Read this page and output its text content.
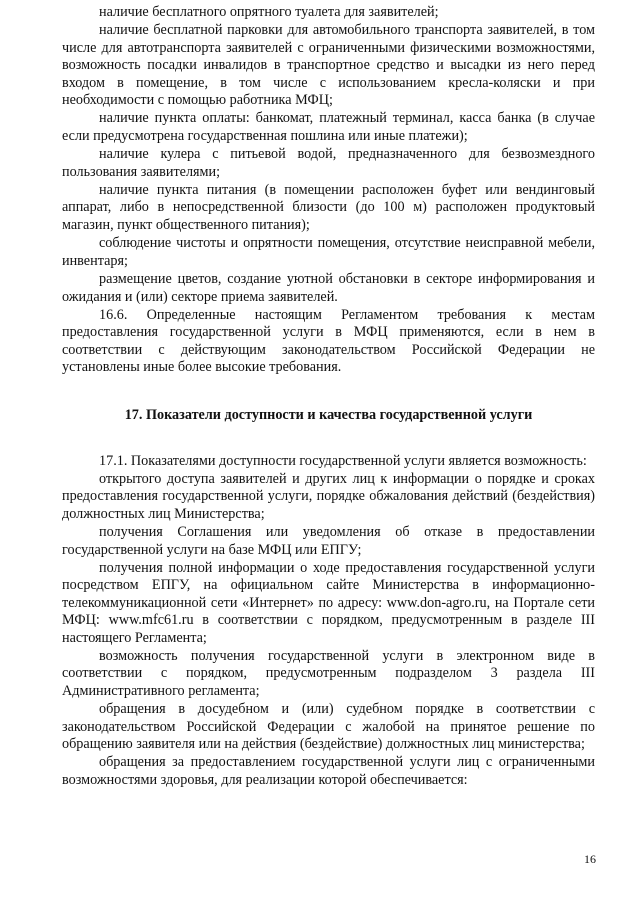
наличие бесплатного опрятного туалета для заявителей;

наличие бесплатной парковки для автомобильного транспорта заявителей, в том числе для автотранспорта заявителей с ограниченными физическими возможностями, возможность посадки инвалидов в транспортное средство и высадки из него перед входом в помещение, в том числе с использованием кресла-коляски и при необходимости с помощью работника МФЦ;

наличие пункта оплаты: банкомат, платежный терминал, касса банка (в случае если предусмотрена государственная пошлина или иные платежи);

наличие кулера с питьевой водой, предназначенного для безвозмездного пользования заявителями;

наличие пункта питания (в помещении расположен буфет или вендинговый аппарат, либо в непосредственной близости (до 100 м) расположен продуктовый магазин, пункт общественного питания);

соблюдение чистоты и опрятности помещения, отсутствие неисправной мебели, инвентаря;

размещение цветов, создание уютной обстановки в секторе информирования и ожидания и (или) секторе приема заявителей.

16.6. Определенные настоящим Регламентом требования к местам предоставления государственной услуги в МФЦ применяются, если в нем в соответствии с действующим законодательством Российской Федерации не установлены иные более высокие требования.

17. Показатели доступности и качества государственной услуги

17.1. Показателями доступности государственной услуги является возможность:

открытого доступа заявителей и других лиц к информации о порядке и сроках предоставления государственной услуги, порядке обжалования действий (бездействия) должностных лиц Министерства;

получения Соглашения или уведомления об отказе в предоставлении государственной услуги на базе МФЦ или ЕПГУ;

получения полной информации о ходе предоставления государственной услуги посредством ЕПГУ, на официальном сайте Министерства в информационно-телекоммуникационной сети «Интернет» по адресу: www.don-agro.ru, на Портале сети МФЦ: www.mfc61.ru в соответствии с порядком, предусмотренным в разделе III настоящего Регламента;

возможность получения государственной услуги в электронном виде в соответствии с порядком, предусмотренным подразделом 3 раздела III Административного регламента;

обращения в досудебном и (или) судебном порядке в соответствии с законодательством Российской Федерации с жалобой на принятое решение по обращению заявителя или на действия (бездействие) должностных лиц министерства;

обращения за предоставлением государственной услуги лиц с ограниченными возможностями здоровья, для реализации которой обеспечивается:

16
